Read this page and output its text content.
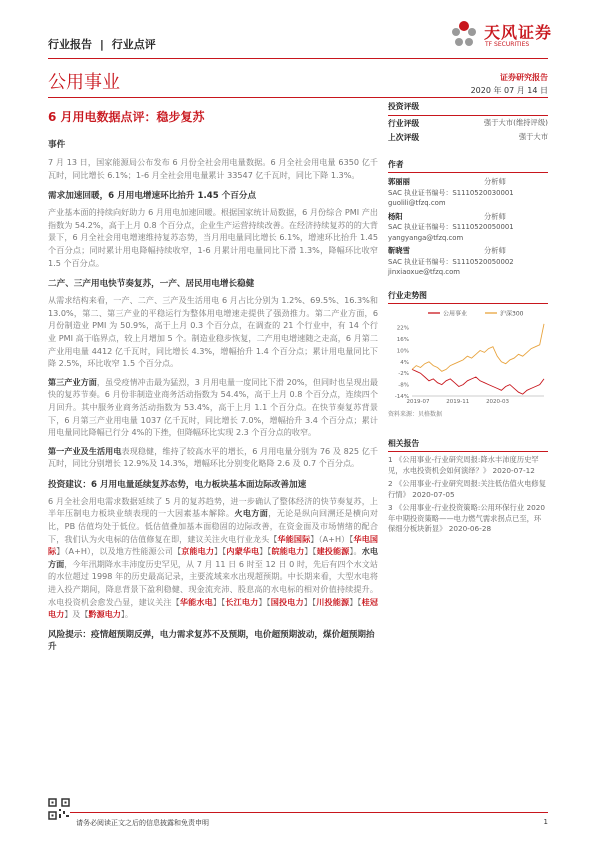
行业报告 | 行业点评
天风证券
TF SECURITIES
公用事业	证券研究报告
2020 年 07 月 14 日
6 月用电数据点评：稳步复苏
事件
7 月 13 日，国家能源局公布发布 6 月份全社会用电量数据。6 月全社会用电量 6350 亿千瓦时，同比增长 6.1%；1-6 月全社会用电量累计 33547 亿千瓦时，同比下降 1.3%。
需求加速回暖，6 月用电增速环比抬升 1.45 个百分点
产业基本面的持续向好助力 6 月用电加速回暖。根据国家统计局数据，6 月份综合 PMI 产出指数为 54.2%，高于上月 0.8 个百分点，企业生产运营持续改善。在经济持续复苏的的大背景下，6 月全社会用电增速维持复苏态势，当月用电量同比增长 6.1%，增速环比抬升 1.45 个百分点；同时累计用电降幅持续收窄，1-6 月累计用电量同比下滑 1.3%，降幅环比收窄 1.5 个百分点。
二产、三产用电快节奏复苏，一产、居民用电增长稳健
从需求结构来看，一产、二产、三产及生活用电 6 月占比分别为 1.2%、69.5%、16.3%和 13.0%，第二、第三产业的平稳运行为整体用电增速走提供了强劲推力。第二产业方面，6 月份制造业 PMI 为 50.9%，高于上月 0.3 个百分点，在调查的 21 个行业中，有 14 个行业 PMI 高于临界点，较上月增加 5 个。制造业稳步恢复，二产用电增速随之走高，6 月第二产业用电量 4412 亿千瓦时，同比增长 4.3%，增幅抬升 1.4 个百分点；累计用电量同比下降 2.5%，环比收窄 1.5 个百分点。
第三产业方面，虽受疫情冲击最为猛烈，3 月用电量一度同比下滑 20%，但同时也呈现出最快的复苏节奏。6 月份非制造业商务活动指数为 54.4%，高于上月 0.8 个百分点，连续四个月回升。其中服务业商务活动指数为 53.4%，高于上月 1.1 个百分点。在快节奏复苏背景下，6 月第三产业用电量 1037 亿千瓦时，同比增长 7.0%，增幅抬升 3.4 个百分点；累计用电量同比降幅已行分 4%的下挫，但降幅环比实现 2.3 个百分点的收窄。
第一产业及生活用电表现稳健，维持了较高水平的增长，6 月用电量分别为 76 及 825 亿千瓦时，同比分别增长 12.9%及 14.3%，增幅环比分别变化略降 2.6 及 0.7 个百分点。
投资建议：6 月用电量延续复苏态势，电力板块基本面边际改善加速
6 月全社会用电需求数据延续了 5 月的复苏趋势，进一步确认了整体经济的快节奏复苏，上半年压制电力板块业绩表现的一大因素基本解除。火电方面，无论是纵向回溯还是横向对比，PB 估值均处于低位。低估值叠加基本面稳固的边际改善，在资金面及市场情绪的配合下，我们认为火电标的估值修复在即，建议关注火电行业龙头【华能国际】（A+H）【华电国际】（A+H），以及地方性能源公司【京能电力】【内蒙华电】【皖能电力】【建投能源】。水电方面，今年汛期降水丰沛度历史罕见，从 7 月 11 日 6 时至 12 日 0 时，先后有四个水文站的水位超过 1998 年的历史最高记录，主要流域来水出现超预期。中长期来看，大型水电将进入投产期间，降息背景下盈利稳健、现金流充沛、股息高的水电标的相对价值持续提升。水电投资机会愈发凸显，建议关注【华能水电】【长江电力】【国投电力】【川投能源】【桂冠电力】及【黔源电力】。
风险提示：疫情超预期反弹，电力需求复苏不及预期，电价超预期波动，煤价超预期抬升
投资评级
行业评级	强于大市(维持评级)
上次评级	强于大市
作者
郭丽丽	分析师
SAC 执业证书编号：S1110520030001
guolili@tfzq.com
杨阳	分析师
SAC 执业证书编号：S1110520050001
yangyanga@tfzq.com
靳晓雪	分析师
SAC 执业证书编号：S1110520050002
jinxiaoxue@tfzq.com
行业走势图
公用事业	沪深300
22%
16%
10%
4%
-2%
-8%
-14%
2019-07	2019-11	2020-03
资料来源：贝格数据
相关报告
1 《公用事业-行业研究周报:降水丰沛度历史罕见，水电投资机会如何演绎？》 2020-07-12
2 《公用事业-行业研究周报:关注低估值火电修复行情》 2020-07-05
3 《公用事业-行业投资策略:公用环保行业 2020 年中期投资策略——电力燃气需求拐点已至，环保细分板块新显》 2020-06-28
请务必阅读正文之后的信息披露和免责申明	1
